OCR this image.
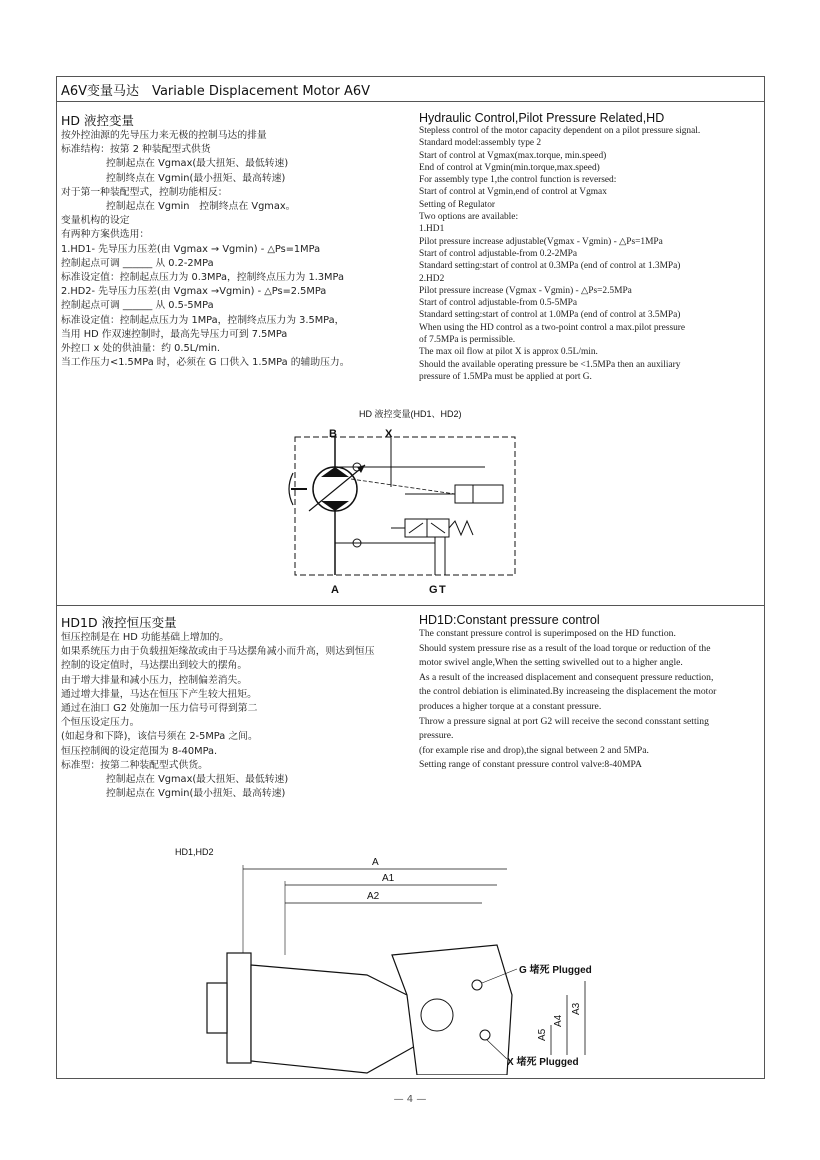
A6V变量马达　Variable Displacement Motor A6V
HD 液控变量
按外控油源的先导压力来无极的控制马达的排量
标准结构：按第 2 种装配型式供货
控制起点在 Vgmax(最大扭矩、最低转速)
控制终点在 Vgmin(最小扭矩、最高转速)
对于第一种装配型式，控制功能相反：
控制起点在 Vgmin　控制终点在 Vgmax。
变量机构的设定
有两种方案供选用：
1.HD1- 先导压力压差(由 Vgmax → Vgmin) - △Ps=1MPa
控制起点可调 ______ 从 0.2-2MPa
标准设定值：控制起点压力为 0.3MPa，控制终点压力为 1.3MPa
2.HD2- 先导压力压差(由 Vgmax →Vgmin) - △Ps=2.5MPa
控制起点可调 ______ 从 0.5-5MPa
标准设定值：控制起点压力为 1MPa，控制终点压力为 3.5MPa，
当用 HD 作双速控制时，最高先导压力可到 7.5MPa
外控口 x 处的供油量：约 0.5L/min.
当工作压力<1.5MPa 时，必须在 G 口供入 1.5MPa 的辅助压力。
Hydraulic Control,Pilot Pressure Related,HD
Stepless control of the motor capacity dependent on a pilot pressure signal.
Standard model:assembly type 2
Start of control at Vgmax(max.torque, min.speed)
End of control at Vgmin(min.torque,max.speed)
For assembly type 1,the control function is reversed:
Start of control at Vgmin,end of control at Vgmax
Setting of Regulator
Two options are available:
1.HD1
Pilot pressure increase adjustable(Vgmax - Vgmin) - △Ps=1MPa
Start of control adjustable-from 0.2-2MPa
Standard setting:start of control at 0.3MPa (end of control at 1.3MPa)
2.HD2
Pilot pressure increase (Vgmax - Vgmin) - △Ps=2.5MPa
Start of control adjustable-from 0.5-5MPa
Standard setting:start of control at 1.0MPa (end of control at 3.5MPa)
When using the HD control as a two-point control a max.pilot pressure
of 7.5MPa is permissible.
The max oil flow at pilot X is approx 0.5L/min.
Should the available operating pressure be <1.5MPa then an auxiliary
pressure of 1.5MPa must be applied at port G.
HD 液控变量(HD1、HD2)
B	X
A	G T
HD1D 液控恒压变量
恒压控制是在 HD 功能基础上增加的。
如果系统压力由于负载扭矩缘故或由于马达摆角减小而升高，则达到恒压
控制的设定值时，马达摆出到较大的摆角。
由于增大排量和减小压力，控制偏差消失。
通过增大排量，马达在恒压下产生较大扭矩。
通过在油口 G2 处施加一压力信号可得到第二
个恒压设定压力。
(如起身和下降)，该信号须在 2-5MPa 之间。
恒压控制阀的设定范围为 8-40MPa.
标准型：按第二种装配型式供货。
控制起点在 Vgmax(最大扭矩、最低转速)
控制起点在 Vgmin(最小扭矩、最高转速)
HD1D:Constant pressure control
The constant pressure control is superimposed on the HD function.
Should system pressure rise as a result of the load torque or reduction of the
motor swivel angle,When the setting swivelled out to a higher angle.
As a result of the increased displacement and consequent pressure reduction,
the control debiation is eliminated.By increaseing the displacement the motor
produces a higher torque at a constant pressure.
Throw a pressure signal at port G2 will receive the second consstant setting
pressure.
(for example rise and drop),the signal between 2 and 5MPa.
Setting range of constant pressure control valve:8-40MPA
HD1,HD2
A
A1
A2
A3
A4
A5
G 堵死 Plugged
X 堵死 Plugged
— 4 —
